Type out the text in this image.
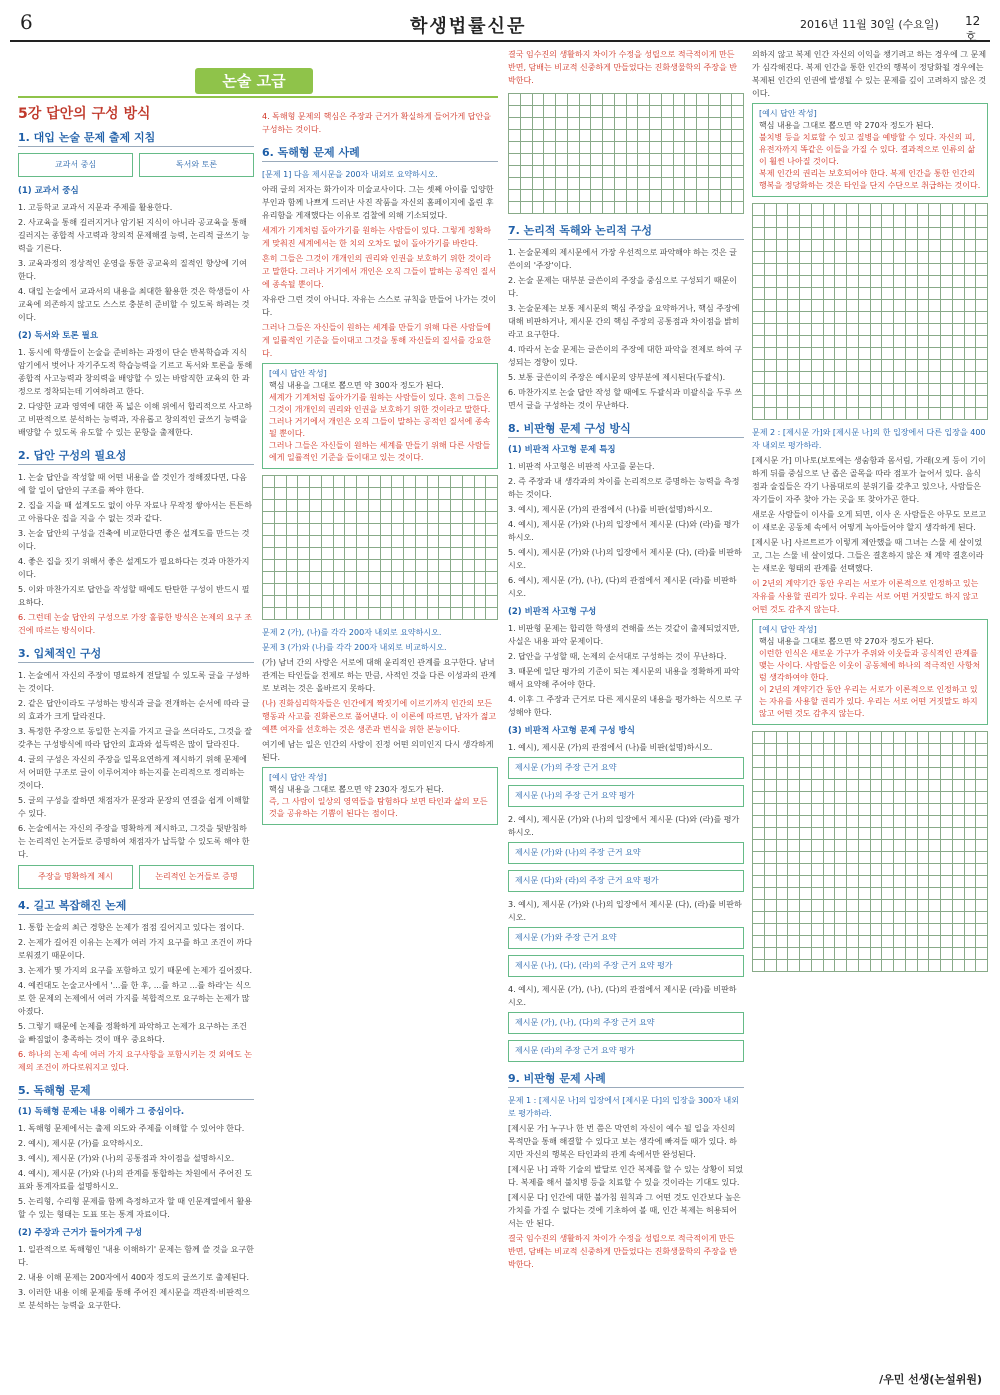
6	학생법률신문	2016년 11월 30일 (수요일) 12호
논술 고급
5강 답안의 구성 방식
1. 대입 논술 문제 출제 지침
교과서 중심	독서와 토론
(1) 교과서 중심

1. 고등학교 교과서 지문과 주제를 활용한다.

2. 사교육을 통해 길러지거나 암기된 지식이 아니라 공교육을 통해 길러지는 종합적 사고력과 창의적 문제해결 능력, 논리적 글쓰기 능력을 기른다.

3. 교육과정의 정상적인 운영을 통한 공교육의 질적인 향상에 기여한다.

4. 대입 논술에서 교과서의 내용을 최대한 활용한 것은 학생들이 사교육에 의존하지 않고도 스스로 충분히 준비할 수 있도록 하려는 것이다.

(2) 독서와 토론 필요

1. 동시에 학생들이 논술을 준비하는 과정이 단순 반복학습과 지식 암기에서 벗어나 자기주도적 학습능력을 기르고 독서와 토론을 통해 종합적 사고능력과 창의력을 배양할 수 있는 바람직한 교육의 한 과정으로 정착되는데 기여하려고 한다.

2. 다양한 교과 영역에 대한 폭 넓은 이해 위에서 합리적으로 사고하고 비판적으로 분석하는 능력과, 자유롭고 창의적인 글쓰기 능력을 배양할 수 있도록 유도할 수 있는 문항을 출제한다.

2. 답안 구성의 필요성

1. 논술 답안을 작성할 때 어떤 내용을 쓸 것인가 정해졌다면, 다음에 할 일이 답안의 구조를 짜야 한다.

2. 집을 지을 때 설계도도 없이 아무 자료나 무작정 쌓아서는 튼튼하고 아름다운 집을 지을 수 없는 것과 같다.

3. 논술 답안의 구성을 건축에 비교한다면 좋은 설계도를 만드는 것이다.

4. 좋은 집을 짓기 위해서 좋은 설계도가 필요하다는 것과 마찬가지이다.

5. 이와 마찬가지로 답안을 작성할 때에도 탄탄한 구성이 반드시 필요하다.

6. 그런데 논술 답안의 구성으로 가장 훌륭한 방식은 논제의 요구 조건에 따르는 방식이다.

3. 입체적인 구성

1. 논술에서 자신의 주장이 명료하게 전달될 수 있도록 글을 구성하는 것이다.

2. 같은 답안이라도 구성하는 방식과 글을 전개하는 순서에 따라 글의 효과가 크게 달라진다.

3. 특정한 주장으로 동일한 논지를 가지고 글을 쓰더라도, 그것을 잘 갖추는 구성방식에 따라 답안의 효과와 설득력은 많이 달라진다.

4. 글의 구성은 자신의 주장을 일목요연하게 제시하기 위해 문제에서 어떠한 구조로 글이 이루어져야 하는지를 논리적으로 정리하는 것이다.

5. 글의 구성을 잘하면 채점자가 문장과 문장의 연결을 쉽게 이해할 수 있다.

6. 논술에서는 자신의 주장을 명확하게 제시하고, 그것을 뒷받침하는 논리적인 논거들로 증명하여 채점자가 납득할 수 있도록 해야 한다.

주장을 명확하게 제시	논리적인 논거들로 증명
4. 길고 복잡해진 논제

1. 통합 논술의 최근 경향은 논제가 점점 길어지고 있다는 점이다.

2. 논제가 길어진 이유는 논제가 여러 가지 요구를 하고 조건이 까다로워졌기 때문이다.

3. 논제가 몇 가지의 요구를 포함하고 있기 때문에 논제가 길어졌다.

4. 예컨대도 논술고사에서 '...를 한 후, ...를 하고 ...를 하라'는 식으로 한 문제의 논제에서 여러 가지를 복합적으로 요구하는 논제가 많아졌다.

5. 그렇기 때문에 논제를 정확하게 파악하고 논제가 요구하는 조건을 빠짐없이 충족하는 것이 매우 중요하다.

6. 하나의 논제 속에 여러 가지 요구사항을 포함시키는 것 외에도 논제의 조건이 까다로워지고 있다.

5. 독해형 문제
(1) 독해형 문제는 내용 이해가 그 중심이다.

1. 독해형 문제에서는 출제 의도와 주제를 이해할 수 있어야 한다.

2. 예시), 제시문 (가)를 요약하시오.

3. 예시), 제시문 (가)와 (나)의 공통점과 차이점을 설명하시오.

4. 예시), 제시문 (가)와 (나)의 관계를 통합하는 차원에서 주어진 도표와 통계자료를 설명하시오.

5. 논리형, 수리형 문제를 함께 측정하고자 할 때 인문계열에서 활용할 수 있는 형태는 도표 또는 통계 자료이다.

(2) 주장과 근거가 들어가게 구성

1. 일관적으로 독해형인 '내용 이해하기' 문제는 함께 쓸 것을 요구한다.

2. 내용 이해 문제는 200자에서 400자 정도의 글쓰기로 출제된다.

3. 이러한 내용 이해 문제를 통해 주어진 제시문을 객관적·비판적으로 분석하는 능력을 요구한다.

4. 독해형 문제의 핵심은 주장과 근거가 확실하게 들어가게 답안을 구성하는 것이다.

6. 독해형 문제 사례

[문제 1] 다음 제시문을 200자 내외로 요약하시오.

아래 글의 저자는 화가이자 미술교사이다. 그는 셋째 아이를 입양한 부인과 함께 나쁘게 드러난 사진 작품을 자신의 홈페이지에 올린 후 유리함을 게재했다는 이유로 검찰에 의해 기소되었다.

세계가 기계처럼 돌아가기를 원하는 사람들이 있다. 그렇게 정확하게 맞춰진 세계에서는 한 치의 오차도 없이 돌아가기를 바란다.

흔히 그들은 그것이 개개인의 권리와 인권을 보호하기 위한 것이라고 말한다. 그러나 거기에서 개인은 오직 그들이 말하는 공적인 질서에 종속될 뿐이다.

자유란 그런 것이 아니다. 자유는 스스로 규칙을 만들어 나가는 것이다.

그러나 그들은 자신들이 원하는 세계를 만들기 위해 다른 사람들에게 일률적인 기준을 들이대고 그것을 통해 자신들의 질서를 강요한다.

[예시 답안 작성]
핵심 내용을 그대로 뽑으면 약 300자 정도가 된다.
세계가 기계처럼 돌아가기를 원하는 사람들이 있다. 흔히 그들은 그것이 개개인의 권리와 인권을 보호하기 위한 것이라고 말한다. 그러나 거기에서 개인은 오직 그들이 말하는 공적인 질서에 종속될 뿐이다.
그러나 그들은 자신들이 원하는 세계를 만들기 위해 다른 사람들에게 일률적인 기준을 들이대고 있는 것이다.

문제 2 (가), (나)를 각각 200자 내외로 요약하시오.

문제 3 (가)와 (나)를 각각 200자 내외로 비교하시오.

(가) 남녀 간의 사랑은 서로에 대해 윤리적인 관계를 요구한다. 남녀관계는 타인들을 전제로 하는 만큼, 사적인 것을 다른 이성과의 관계로 보려는 것은 올바르지 못하다.

(나) 진화심리학자들은 인간에게 짝짓기에 이르기까지 인간의 모든 행동과 사고를 진화론으로 풀어낸다. 이 이론에 따르면, 남자가 젊고 예쁜 여자를 선호하는 것은 생존과 번식을 위한 본능이다.

여기에 남는 일은 인간의 사랑이 진정 어떤 의미인지 다시 생각하게 된다.

[예시 답안 작성]
핵심 내용을 그대로 뽑으면 약 230자 정도가 된다.
즉, 그 사람이 일상의 영역들을 탐험하다 보면 타인과 삶의 모든 것을 공유하는 기쁨이 된다는 점이다.

결국 임수진의 생활하지 차이가 수정을 성립으로 적극적이게 만든 반면, 담배는 비교적 신중하게 만들었다는 진화생물학의 주장을 반박한다.

7. 논리적 독해와 논리적 구성

1. 논술문제의 제시문에서 가장 우선적으로 파악해야 하는 것은 글쓴이의 '주장'이다.

2. 논술 문제는 대부분 글쓴이의 주장을 중심으로 구성되기 때문이다.

3. 논술문제는 보통 제시문의 핵심 주장을 요약하거나, 핵심 주장에 대해 비판하거나, 제시문 간의 핵심 주장의 공통점과 차이점을 밝히라고 요구한다.

4. 따라서 논술 문제는 글쓴이의 주장에 대한 파악을 전제로 하여 구성되는 경향이 있다.

5. 보통 글쓴이의 주장은 예시문의 양부분에 제시된다(두괄식).

6. 마찬가지로 논술 답안 작성 할 때에도 두괄식과 미괄식을 두루 쓰면서 글을 구성하는 것이 무난하다.

8. 비판형 문제 구성 방식
(1) 비판적 사고형 문제 특징

1. 비판적 사고형은 비판적 사고를 묻는다.

2. 즉 주장과 내 생각과의 차이를 논리적으로 증명하는 능력을 측정하는 것이다.

3. 예시), 제시문 (가)의 관점에서 (나)를 비판(설명)하시오.

4. 예시), 제시문 (가)와 (나)의 입장에서 제시문 (다)와 (라)를 평가하시오.

5. 예시), 제시문 (가)와 (나)의 입장에서 제시문 (다), (라)를 비판하시오.

6. 예시), 제시문 (가), (나), (다)의 관점에서 제시문 (라)를 비판하시오.

(2) 비판적 사고형 구성

1. 비판형 문제는 합리한 학생의 견해를 쓰는 것같이 출제되었지만, 사실은 내용 파악 문제이다.

2. 답안을 구성할 때, 논제의 순서대로 구성하는 것이 무난하다.

3. 때문에 일단 평가의 기준이 되는 제시문의 내용을 정확하게 파악해서 요약해 주어야 한다.

4. 이후 그 주장과 근거로 다른 제시문의 내용을 평가하는 식으로 구성해야 한다.

(3) 비판적 사고형 문제 구성 방식

1. 예시), 제시문 (가)의 관점에서 (나)를 비판(설명)하시오.

제시문 (가)의 주장 근거 요약
제시문 (나)의 주장 근거 요약 평가

2. 예시), 제시문 (가)와 (나)의 입장에서 제시문 (다)와 (라)를 평가하시오.

제시문 (가)와 (나)의 주장 근거 요약
제시문 (다)와 (라)의 주장 근거 요약 평가

3. 예시), 제시문 (가)와 (나)의 입장에서 제시문 (다), (라)를 비판하시오.

제시문 (가)와 주장 근거 요약
제시문 (나), (다), (라)의 주장 근거 요약 평가

4. 예시), 제시문 (가), (나), (다)의 관점에서 제시문 (라)를 비판하시오.

제시문 (가), (나), (다)의 주장 근거 요약
제시문 (라)의 주장 근거 요약 평가
9. 비판형 문제 사례

문제 1 : [제시문 나]의 입장에서 [제시문 다]의 입장을 300자 내외로 평가하라.

[제시문 가] 누구나 한 번 쯤은 막연히 자신이 예수 될 일을 자신의 목적만을 통해 해결할 수 있다고 보는 생각에 빠져들 때가 있다. 하지만 자신의 행복은 타인과의 관계 속에서만 완성된다.

[제시문 나] 과학 기술의 발달로 인간 복제를 할 수 있는 상황이 되었다. 복제를 해서 불치병 등을 치료할 수 있을 것이라는 기대도 있다.

[제시문 다] 인간에 대한 불가침 원칙과 그 어떤 것도 인간보다 높은 가치를 가질 수 없다는 것에 기초하여 볼 때, 인간 복제는 허용되어서는 안 된다.

결국 임수진의 생활하지 차이가 수정을 성립으로 적극적이게 만든 반면, 담배는 비교적 신중하게 만들었다는 진화생물학의 주장을 반박한다.

의하지 않고 복제 인간 자신의 이익을 챙기려고 하는 경우에 그 문제가 심각해진다. 복제 인간을 통한 인간의 행복이 정당화될 경우에는 복제된 인간의 인권에 발생될 수 있는 문제를 깊이 고려하지 않은 것이다.

[예시 답안 작성]
핵심 내용을 그대로 뽑으면 약 270자 정도가 된다.
불치병 등을 치료할 수 있고 질병을 예방할 수 있다. 자신의 피, 유전자까지 똑같은 이들을 가질 수 있다. 결과적으로 인류의 삶이 훨씬 나아질 것이다.
복제 인간의 권리는 보호되어야 한다. 복제 인간을 통한 인간의 행복을 정당화하는 것은 타인을 단지 수단으로 취급하는 것이다.

문제 2 : [제시문 가]와 [제시문 나]의 한 입장에서 다른 입장을 400자 내외로 평가하라.

[제시문 가] 미나토(보토에는 생숨함과 몸서림, 가래(오케 등이 기이하게 뒤를 중심으로 난 좁은 골목을 따라 점포가 늘어서 있다. 음식점과 술집들은 각기 나름대로의 분위기를 갖추고 있으나, 사람들은 자기들이 자주 찾아 가는 곳을 또 찾아가곤 한다.

새로운 사람들이 이사를 오게 되면, 이사 온 사람들은 아무도 모르고 이 새로운 공동체 속에서 어떻게 녹아들어야 할지 생각하게 된다.

[제시문 나] 사르트르가 이렇게 제안했을 때 그녀는 스물 세 살이었고, 그는 스물 네 살이었다. 그들은 결혼하지 않은 채 계약 결혼이라는 새로운 형태의 관계를 선택했다.

이 2년의 계약기간 동안 우리는 서로가 이론적으로 인정하고 있는 자유를 사용할 권리가 있다. 우리는 서로 어떤 거짓말도 하지 않고 어떤 것도 감추지 않는다.

[예시 답안 작성]
핵심 내용을 그대로 뽑으면 약 270자 정도가 된다.
이런한 인식은 새로운 가구가 주위와 이웃들과 공식적인 관계를 맺는 사이다. 사람들은 이웃이 공동체에 하나의 적극적인 사항처럼 생각하여야 한다.
이 2년의 계약기간 동안 우리는 서로가 이론적으로 인정하고 있는 자유를 사용할 권리가 있다. 우리는 서로 어떤 거짓말도 하지 않고 어떤 것도 감추지 않는다.

/우민 선생(논설위원)
